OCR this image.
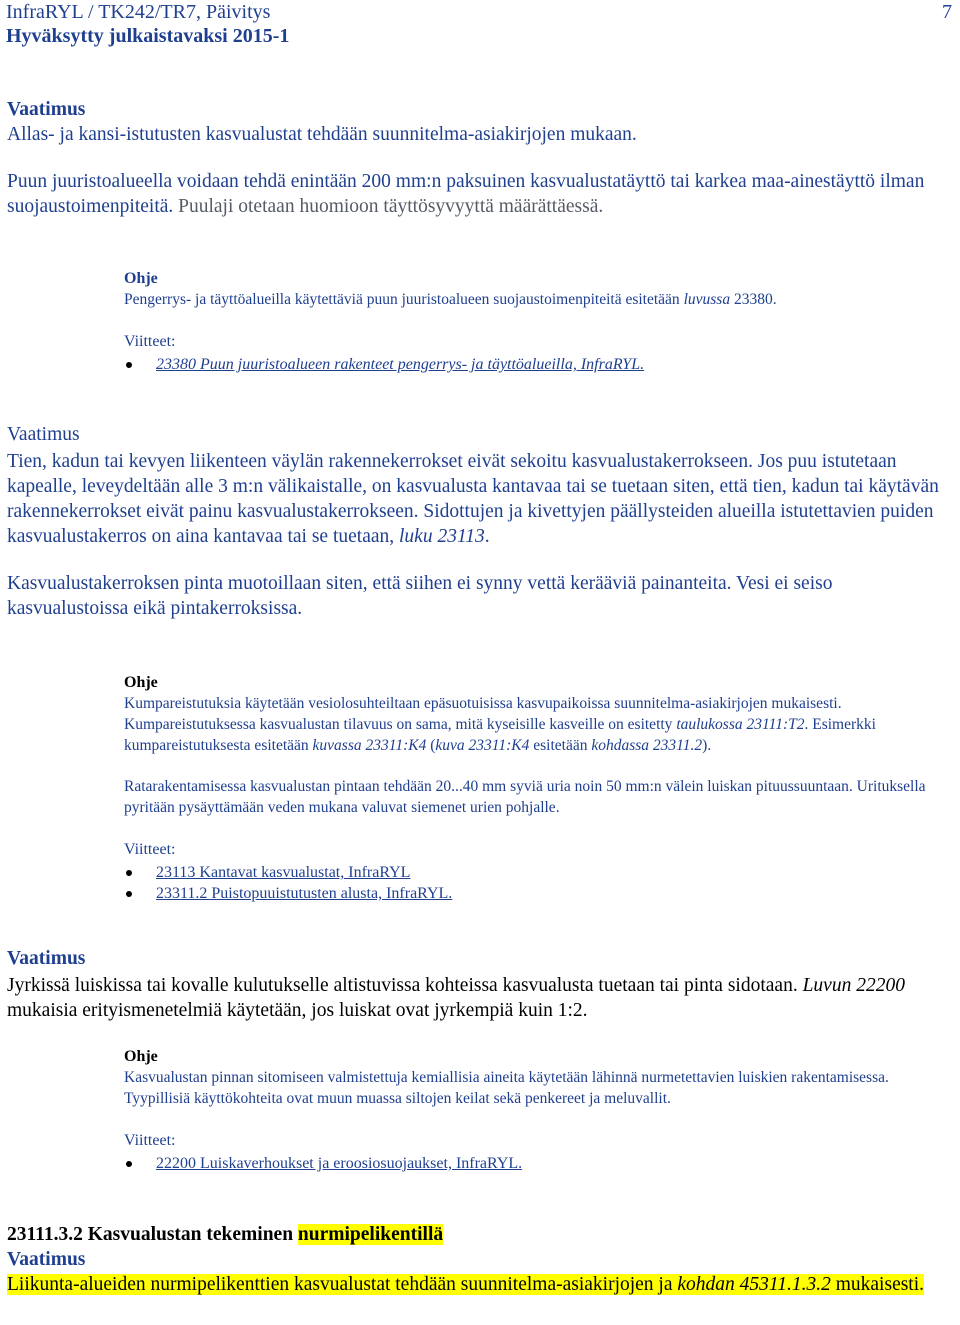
InfraRYL / TK242/TR7, Päivitys
Hyväksytty julkaistavaksi 2015-1
7
Vaatimus

Allas- ja kansi-istutusten kasvualustat tehdään suunnitelma-asiakirjojen mukaan.

Puun juuristoalueella voidaan tehdä enintään 200 mm:n paksuinen kasvualustatäyttö tai karkea maa-ainestäyttö ilman suojaustoimenpiteitä. Puulaji otetaan huomioon täyttösyvyyttä määrättäessä.

Ohje

Pengerrys- ja täyttöalueilla käytettäviä puun juuristoalueen suojaustoimenpiteitä esitetään luvussa 23380.

Viitteet:
23380 Puun juuristoalueen rakenteet pengerrys- ja täyttöalueilla, InfraRYL.
Vaatimus

Tien, kadun tai kevyen liikenteen väylän rakennekerrokset eivät sekoitu kasvualustakerrokseen. Jos puu istutetaan kapealle, leveydeltään alle 3 m:n välikaistalle, on kasvualusta kantavaa tai se tuetaan siten, että tien, kadun tai käytävän rakennekerrokset eivät painu kasvualustakerrokseen. Sidottujen ja kivettyjen päällysteiden alueilla istutettavien puiden kasvualustakerros on aina kantavaa tai se tuetaan, luku 23113.

Kasvualustakerroksen pinta muotoillaan siten, että siihen ei synny vettä kerääviä painanteita. Vesi ei seiso kasvualustoissa eikä pintakerroksissa.

Ohje

Kumpareistutuksia käytetään vesiolosuhteiltaan epäsuotuisissa kasvupaikoissa suunnitelma-asiakirjojen mukaisesti. Kumpareistutuksessa kasvualustan tilavuus on sama, mitä kyseisille kasveille on esitetty taulukossa 23111:T2. Esimerkki kumpareistutuksesta esitetään kuvassa 23311:K4 (kuva 23311:K4 esitetään kohdassa 23311.2).

Ratarakentamisessa kasvualustan pintaan tehdään 20...40 mm syviä uria noin 50 mm:n välein luiskan pituussuuntaan. Urituksella pyritään pysäyttämään veden mukana valuvat siemenet urien pohjalle.

Viitteet:
23113 Kantavat kasvualustat, InfraRYL
23311.2 Puistopuuistutusten alusta, InfraRYL.
Vaatimus

Jyrkissä luiskissa tai kovalle kulutukselle altistuvissa kohteissa kasvualusta tuetaan tai pinta sidotaan. Luvun 22200 mukaisia erityismenetelmiä käytetään, jos luiskat ovat jyrkempiä kuin 1:2.

Ohje

Kasvualustan pinnan sitomiseen valmistettuja kemiallisia aineita käytetään lähinnä nurmetettavien luiskien rakentamisessa. Tyypillisiä käyttökohteita ovat muun muassa siltojen keilat sekä penkereet ja meluvallit.

Viitteet:
22200 Luiskaverhoukset ja eroosiosuojaukset, InfraRYL.
23111.3.2 Kasvualustan tekeminen nurmipelikentillä
Vaatimus

Liikunta-alueiden nurmipelikenttien kasvualustat tehdään suunnitelma-asiakirjojen ja kohdan 45311.1.3.2 mukaisesti.
